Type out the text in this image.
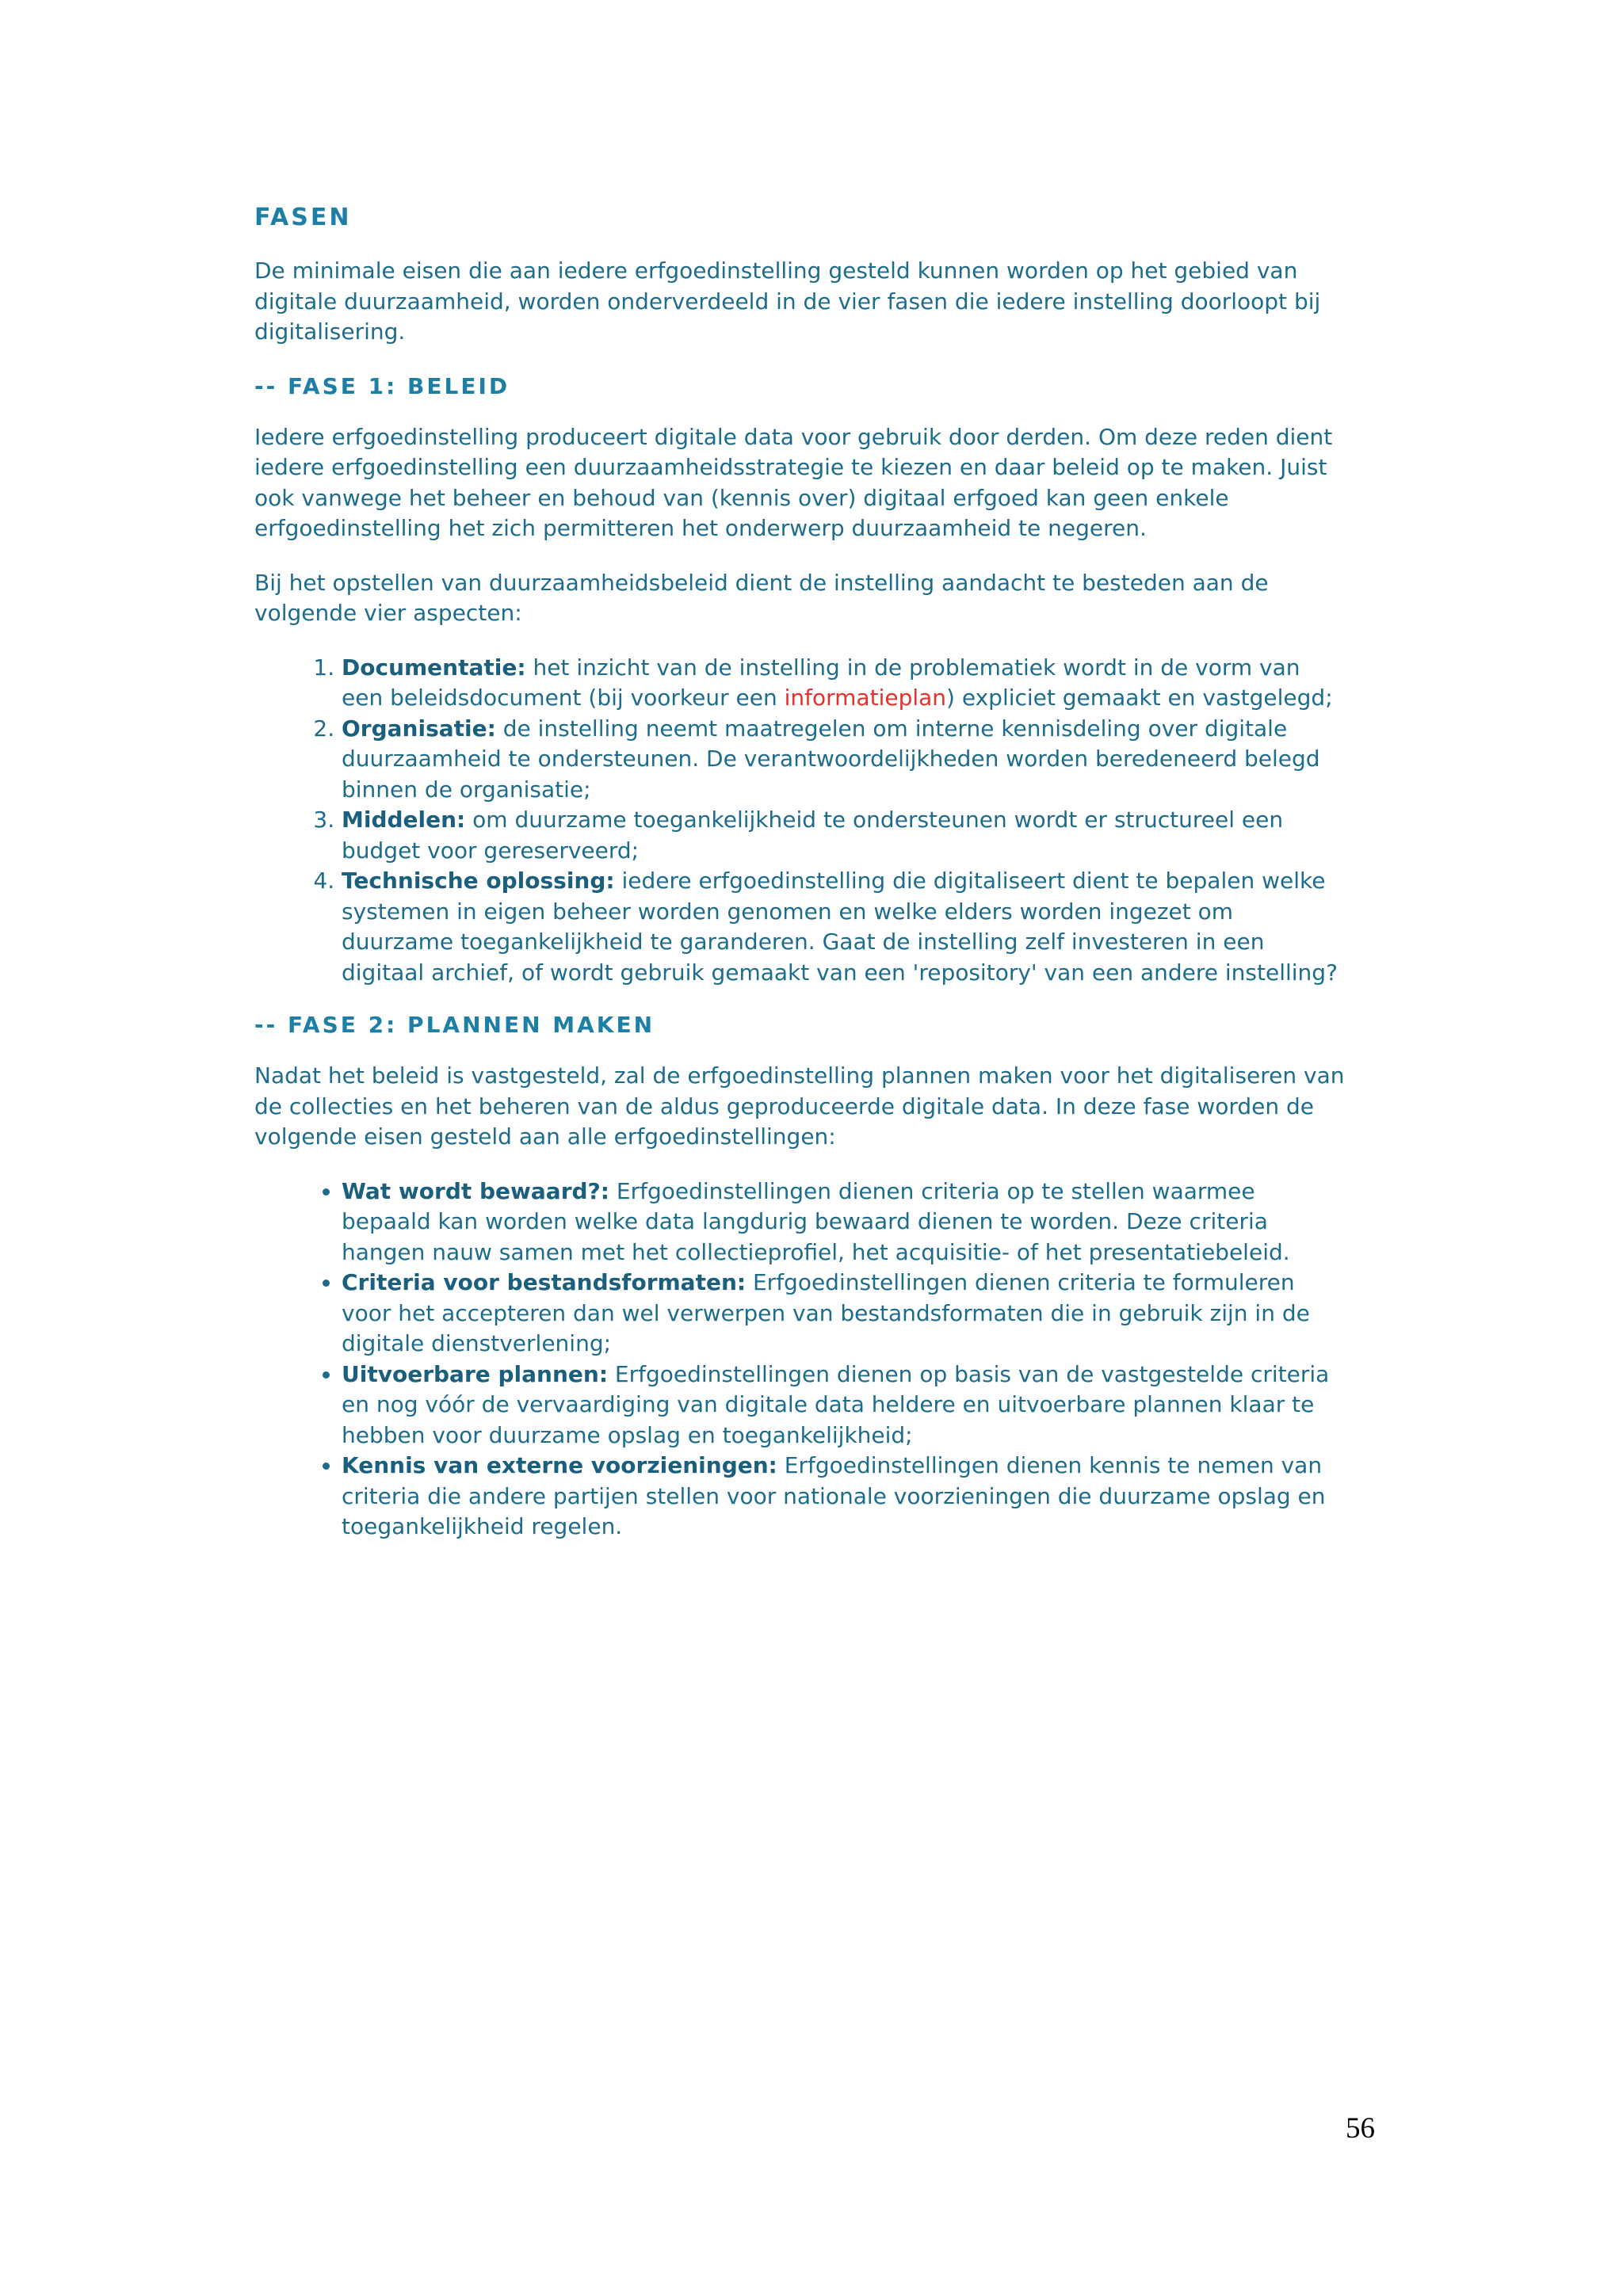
FASEN

De minimale eisen die aan iedere erfgoedinstelling gesteld kunnen worden op het gebied van digitale duurzaamheid, worden onderverdeeld in de vier fasen die iedere instelling doorloopt bij digitalisering.

-- FASE 1: BELEID

Iedere erfgoedinstelling produceert digitale data voor gebruik door derden. Om deze reden dient iedere erfgoedinstelling een duurzaamheidsstrategie te kiezen en daar beleid op te maken. Juist ook vanwege het beheer en behoud van (kennis over) digitaal erfgoed kan geen enkele erfgoedinstelling het zich permitteren het onderwerp duurzaamheid te negeren.

Bij het opstellen van duurzaamheidsbeleid dient de instelling aandacht te besteden aan de volgende vier aspecten:

1. Documentatie: het inzicht van de instelling in de problematiek wordt in de vorm van een beleidsdocument (bij voorkeur een informatieplan) expliciet gemaakt en vastgelegd;
2. Organisatie: de instelling neemt maatregelen om interne kennisdeling over digitale duurzaamheid te ondersteunen. De verantwoordelijkheden worden beredeneerd belegd binnen de organisatie;
3. Middelen: om duurzame toegankelijkheid te ondersteunen wordt er structureel een budget voor gereserveerd;
4. Technische oplossing: iedere erfgoedinstelling die digitaliseert dient te bepalen welke systemen in eigen beheer worden genomen en welke elders worden ingezet om duurzame toegankelijkheid te garanderen. Gaat de instelling zelf investeren in een digitaal archief, of wordt gebruik gemaakt van een 'repository' van een andere instelling?
-- FASE 2: PLANNEN MAKEN

Nadat het beleid is vastgesteld, zal de erfgoedinstelling plannen maken voor het digitaliseren van de collecties en het beheren van de aldus geproduceerde digitale data. In deze fase worden de volgende eisen gesteld aan alle erfgoedinstellingen:

• Wat wordt bewaard?: Erfgoedinstellingen dienen criteria op te stellen waarmee bepaald kan worden welke data langdurig bewaard dienen te worden. Deze criteria hangen nauw samen met het collectieprofiel, het acquisitie- of het presentatiebeleid.
• Criteria voor bestandsformaten: Erfgoedinstellingen dienen criteria te formuleren voor het accepteren dan wel verwerpen van bestandsformaten die in gebruik zijn in de digitale dienstverlening;
• Uitvoerbare plannen: Erfgoedinstellingen dienen op basis van de vastgestelde criteria en nog vóór de vervaardiging van digitale data heldere en uitvoerbare plannen klaar te hebben voor duurzame opslag en toegankelijkheid;
• Kennis van externe voorzieningen: Erfgoedinstellingen dienen kennis te nemen van criteria die andere partijen stellen voor nationale voorzieningen die duurzame opslag en toegankelijkheid regelen.
56
